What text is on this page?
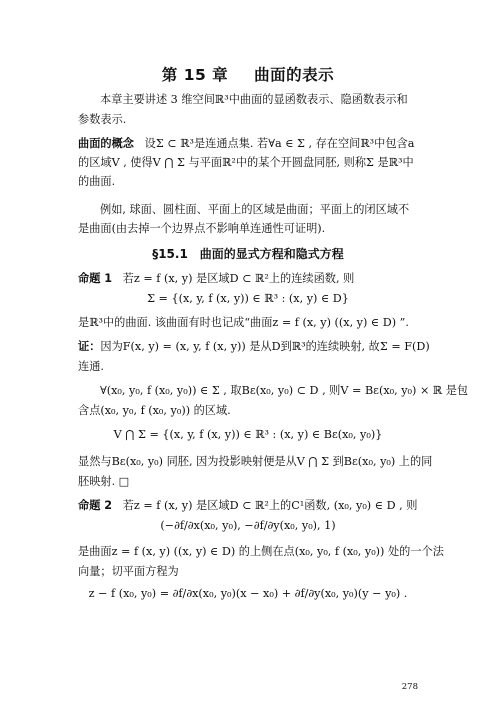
第 15 章 曲面的表示
本章主要讲述 3 维空间ℝ³中曲面的显函数表示、隐函数表示和
参数表示.
曲面的概念 设Σ ⊂ ℝ³是连通点集. 若∀a ∈ Σ , 存在空间ℝ³中包含a
的区域V , 使得V ⋂ Σ 与平面ℝ²中的某个开圆盘同胚, 则称Σ 是ℝ³中
的曲面.
例如, 球面、圆柱面、平面上的区域是曲面；平面上的闭区域不
是曲面(由去掉一个边界点不影响单连通性可证明).
§15.1　曲面的显式方程和隐式方程
命题 1 若z = f (x, y) 是区域D ⊂ ℝ²上的连续函数, 则
Σ = {(x, y, f (x, y)) ∈ ℝ³ : (x, y) ∈ D}
是ℝ³中的曲面. 该曲面有时也记成“曲面z = f (x, y) ((x, y) ∈ D) ”.
证：因为F(x, y) = (x, y, f (x, y)) 是从D到ℝ³的连续映射, 故Σ = F(D)
连通.
∀(x₀, y₀, f (x₀, y₀)) ∈ Σ , 取Bε(x₀, y₀) ⊂ D , 则V = Bε(x₀, y₀) × ℝ 是包
含点(x₀, y₀, f (x₀, y₀)) 的区域.
V ⋂ Σ = {(x, y, f (x, y)) ∈ ℝ³ : (x, y) ∈ Bε(x₀, y₀)}
显然与Bε(x₀, y₀) 同胚, 因为投影映射便是从V ⋂ Σ 到Bε(x₀, y₀) 上的同
胚映射. □
命题 2 若z = f (x, y) 是区域D ⊂ ℝ²上的C¹函数, (x₀, y₀) ∈ D , 则
(−∂f/∂x(x₀, y₀), −∂f/∂y(x₀, y₀), 1)
是曲面z = f (x, y) ((x, y) ∈ D) 的上侧在点(x₀, y₀, f (x₀, y₀)) 处的一个法
向量；切平面方程为
z − f (x₀, y₀) = ∂f/∂x(x₀, y₀)(x − x₀) + ∂f/∂y(x₀, y₀)(y − y₀) .
278
